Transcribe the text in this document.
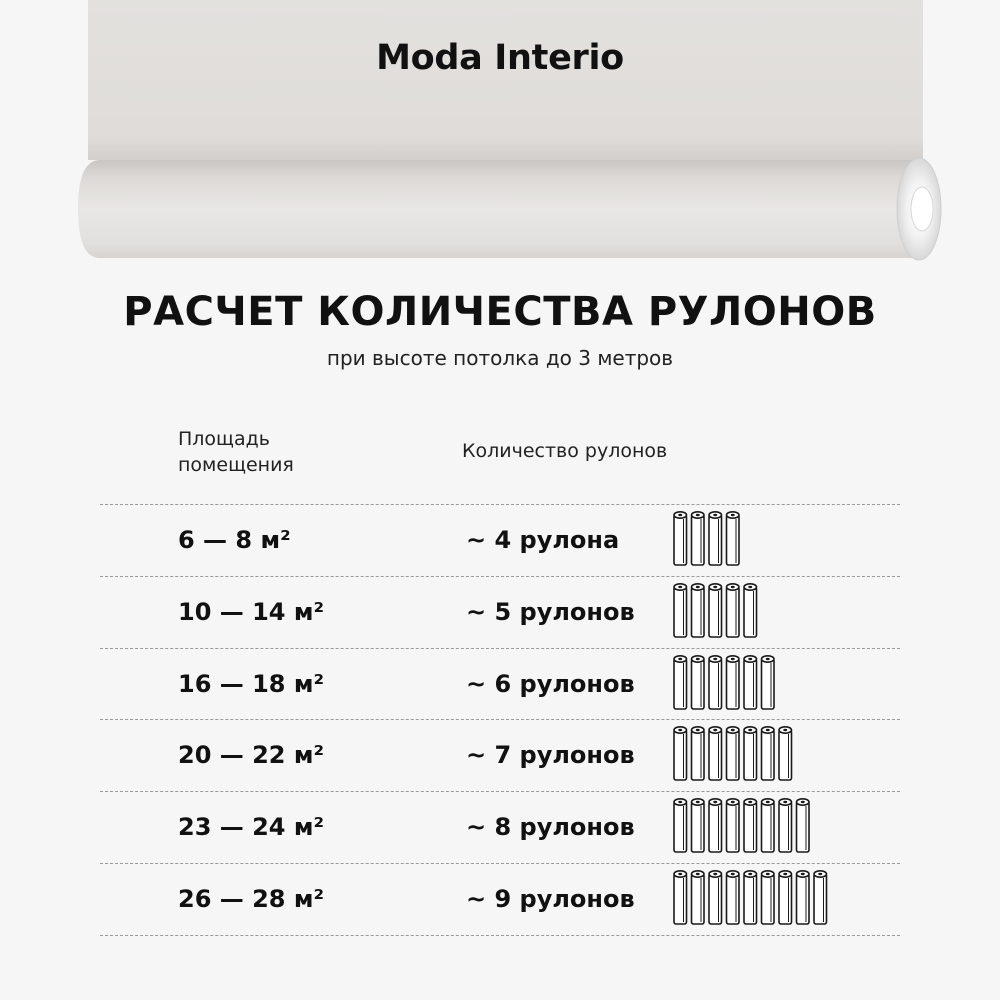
Moda Interio
РАСЧЕТ КОЛИЧЕСТВА РУЛОНОВ
при высоте потолка до 3 метров
Площадь
помещения
Количество рулонов
6 — 8 м²	~ 4 рулона
10 — 14 м²	~ 5 рулонов
16 — 18 м²	~ 6 рулонов
20 — 22 м²	~ 7 рулонов
23 — 24 м²	~ 8 рулонов
26 — 28 м²	~ 9 рулонов
